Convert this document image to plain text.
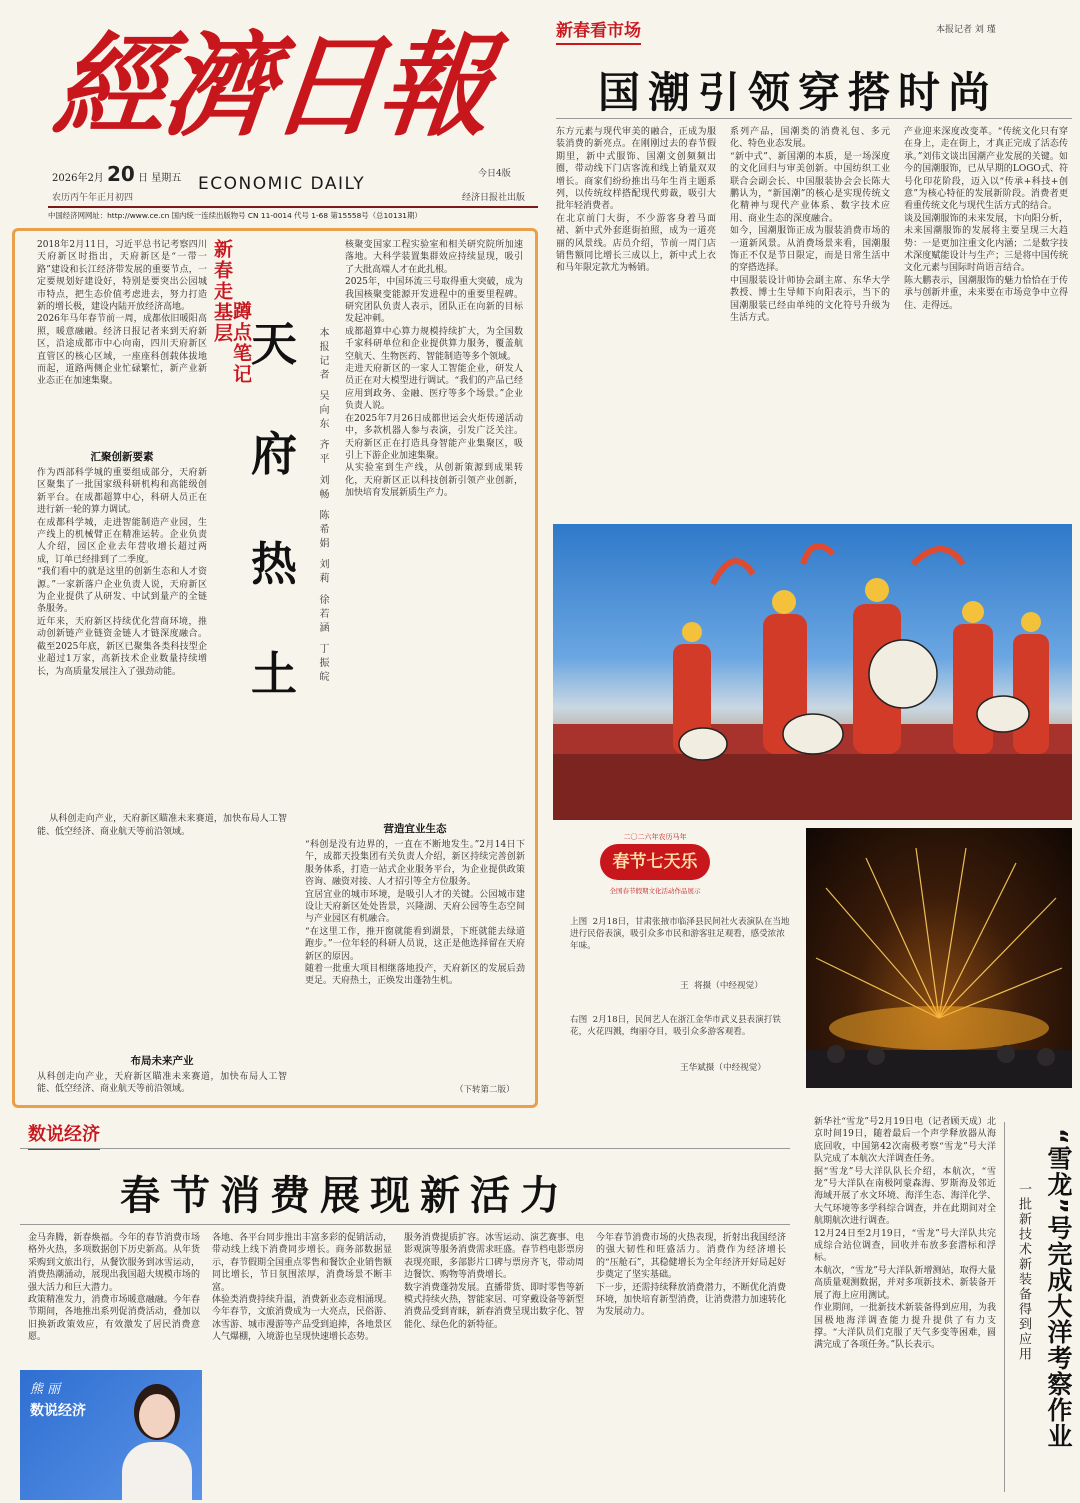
經濟日報
2026年2月 20 日 星期五
农历丙午年正月初四
ECONOMIC DAILY	今日4版
经济日报社出版
中国经济网网址：http://www.ce.cn 国内统一连续出版物号 CN 11-0014 代号 1-68 第15558号（总10131期）
新春看市场	本报记者 刘 瑾
国潮引领穿搭时尚
东方元素与现代审美的融合，正成为服装消费的新亮点。在刚刚过去的春节假期里，新中式服饰、国潮文创频频出圈，带动线下门店客流和线上销量双双增长。商家们纷纷推出马年生肖主题系列，以传统纹样搭配现代剪裁，吸引大批年轻消费者。
在北京前门大街，不少游客身着马面裙、新中式外套逛街拍照，成为一道亮丽的风景线。店员介绍，节前一周门店销售额同比增长三成以上，新中式上衣和马年限定款尤为畅销。
系列产品，国潮类的消费礼包、多元化、特色业态发展。
“新中式”、新国潮的本质，是一场深度的文化回归与审美创新。中国纺织工业联合会副会长、中国服装协会会长陈大鹏认为，“新国潮”的核心是实现传统文化精神与现代产业体系、数字技术应用、商业生态的深度融合。
如今，国潮服饰正成为服装消费市场的一道新风景。从消费场景来看，国潮服饰正不仅是节日限定，而是日常生活中的穿搭选择。
中国服装设计师协会副主席、东华大学教授、博士生导师下向阳表示，当下的国潮服装已经由单纯的文化符号升级为生活方式。
产业迎来深度改变革。“传统文化只有穿在身上，走在街上，才真正完成了活态传承。”刘伟文谈出国潮产业发展的关键。如今的国潮服饰，已从早期的LOGO式、符号化印花阶段，迈入以“传承+科技+创意”为核心特征的发展新阶段。消费者更看重传统文化与现代生活方式的结合。
谈及国潮服饰的未来发展，卞向阳分析，未来国潮服饰的发展将主要呈现三大趋势：一是更加注重文化内涵；二是数字技术深度赋能设计与生产；三是将中国传统文化元素与国际时尚语言结合。
陈大鹏表示，国潮服饰的魅力恰恰在于传承与创新并重，未来要在市场竞争中立得住、走得远。
2018年2月11日，习近平总书记考察四川天府新区时指出，天府新区是“一带一路”建设和长江经济带发展的重要节点，一定要规划好建设好，特别是要突出公园城市特点，把生态价值考虑进去，努力打造新的增长极，建设内陆开放经济高地。
2026年马年春节前一周，成都依旧暖阳高照，暖意融融。经济日报记者来到天府新区，沿途成都市中心向南，四川天府新区直管区的核心区域，一座座科创载体拔地而起，道路两侧企业忙碌繁忙，新产业新业态正在加速集聚。
汇聚创新要素
作为西部科学城的重要组成部分，天府新区聚集了一批国家级科研机构和高能级创新平台。在成都超算中心，科研人员正在进行新一轮的算力调试。
在成都科学城，走进智能制造产业园，生产线上的机械臂正在精准运转。企业负责人介绍，园区企业去年营收增长超过两成，订单已经排到了二季度。
“我们看中的就是这里的创新生态和人才资源。”一家新落户企业负责人说，天府新区为企业提供了从研发、中试到量产的全链条服务。
近年来，天府新区持续优化营商环境，推动创新链产业链资金链人才链深度融合。截至2025年底，新区已聚集各类科技型企业超过1万家，高新技术企业数量持续增长，为高质量发展注入了强劲动能。
新春走基层
蹲点笔记 天
府
热
土	本报记者 吴向东 齐平 刘畅 陈希娟 刘莉 徐若涵 丁振皖

从科创走向产业，天府新区瞄准未来赛道，加快布局人工智能、低空经济、商业航天等前沿领域。

布局未来产业
从科创走向产业，天府新区瞄准未来赛道，加快布局人工智能、低空经济、商业航天等前沿领域。
核聚变国家工程实验室和相关研究院所加速落地。大科学装置集群效应持续显现，吸引了大批高端人才在此扎根。
2025年，中国环流三号取得重大突破，成为我国核聚变能源开发进程中的重要里程碑。研究团队负责人表示，团队正在向新的目标发起冲刺。
成都超算中心算力规模持续扩大，为全国数千家科研单位和企业提供算力服务，覆盖航空航天、生物医药、智能制造等多个领域。
走进天府新区的一家人工智能企业，研发人员正在对大模型进行调试。“我们的产品已经应用到政务、金融、医疗等多个场景。”企业负责人说。
在2025年7月26日成都世运会火炬传递活动中，多款机器人参与表演，引发广泛关注。天府新区正在打造具身智能产业集聚区，吸引上下游企业加速集聚。
从实验室到生产线，从创新策源到成果转化，天府新区正以科技创新引领产业创新，加快培育发展新质生产力。
营造宜业生态
“科创是没有边界的，一直在不断地发生。”2月14日下午，成都天投集团有关负责人介绍，新区持续完善创新服务体系，打造一站式企业服务平台，为企业提供政策咨询、融资对接、人才招引等全方位服务。
宜居宜业的城市环境，是吸引人才的关键。公园城市建设让天府新区处处皆景，兴隆湖、天府公园等生态空间与产业园区有机融合。
“在这里工作，推开窗就能看到湖景，下班就能去绿道跑步。”一位年轻的科研人员说，这正是他选择留在天府新区的原因。
随着一批重大项目相继落地投产，天府新区的发展后劲更足。天府热土，正焕发出蓬勃生机。
（下转第二版）
二〇二六年农历马年
春节七天乐
全国春节假期文化活动作品展示
上图  2月18日，甘肃张掖市临泽县民间社火表演队在当地进行民俗表演，吸引众多市民和游客驻足观看，感受浓浓年味。
王  将摄（中经视觉）
右图  2月18日，民间艺人在浙江金华市武义县表演打铁花，火花四溅，绚丽夺目，吸引众多游客观看。
王华斌摄（中经视觉）
数说经济
春节消费展现新活力
金马奔腾，新春焕福。今年的春节消费市场格外火热，多项数据创下历史新高。从年货采购到文旅出行，从餐饮服务到冰雪运动，消费热潮涌动，展现出我国超大规模市场的强大活力和巨大潜力。
政策精准发力，消费市场暖意融融。今年春节期间，各地推出系列促消费活动，叠加以旧换新政策效应，有效激发了居民消费意愿。
各地、各平台同步推出丰富多彩的促销活动，带动线上线下消费同步增长。商务部数据显示，春节假期全国重点零售和餐饮企业销售额同比增长，节日氛围浓厚，消费场景不断丰富。
体验类消费持续升温，消费新业态竞相涌现。今年春节，文旅消费成为一大亮点，民俗游、冰雪游、城市漫游等产品受到追捧，各地景区人气爆棚，入境游也呈现快速增长态势。
服务消费提质扩容。冰雪运动、演艺赛事、电影观演等服务消费需求旺盛。春节档电影票房表现亮眼，多部影片口碑与票房齐飞，带动周边餐饮、购物等消费增长。
数字消费蓬勃发展。直播带货、即时零售等新模式持续火热，智能家居、可穿戴设备等新型消费品受到青睐，新春消费呈现出数字化、智能化、绿色化的新特征。
今年春节消费市场的火热表现，折射出我国经济的强大韧性和旺盛活力。消费作为经济增长的“压舱石”，其稳健增长为全年经济开好局起好步奠定了坚实基础。
下一步，还需持续释放消费潜力，不断优化消费环境，加快培育新型消费，让消费潜力加速转化为发展动力。
熊 丽
数说经济
新华社“雪龙”号2月19日电（记者顾天成）北京时间19日，随着最后一个声学释放器从海底回收，中国第42次南极考察“雪龙”号大洋队完成了本航次大洋调查任务。
据“雪龙”号大洋队队长介绍，本航次，“雪龙”号大洋队在南极阿蒙森海、罗斯海及邻近海域开展了水文环境、海洋生态、海洋化学、大气环境等多学科综合调查，并在此期间对全航期航次进行调查。
12月24日至2月19日，“雪龙”号大洋队共完成综合站位调查，回收并布放多套潜标和浮标。
本航次，“雪龙”号大洋队新增测站，取得大量高质量观测数据，并对多项新技术、新装备开展了海上应用测试。
作业期间，一批新技术新装备得到应用，为我国极地海洋调查能力提升提供了有力支撑。“大洋队员们克服了天气多变等困难，圆满完成了各项任务。”队长表示。	“雪龙”号完成大洋考察作业
一批新技术新装备得到应用
